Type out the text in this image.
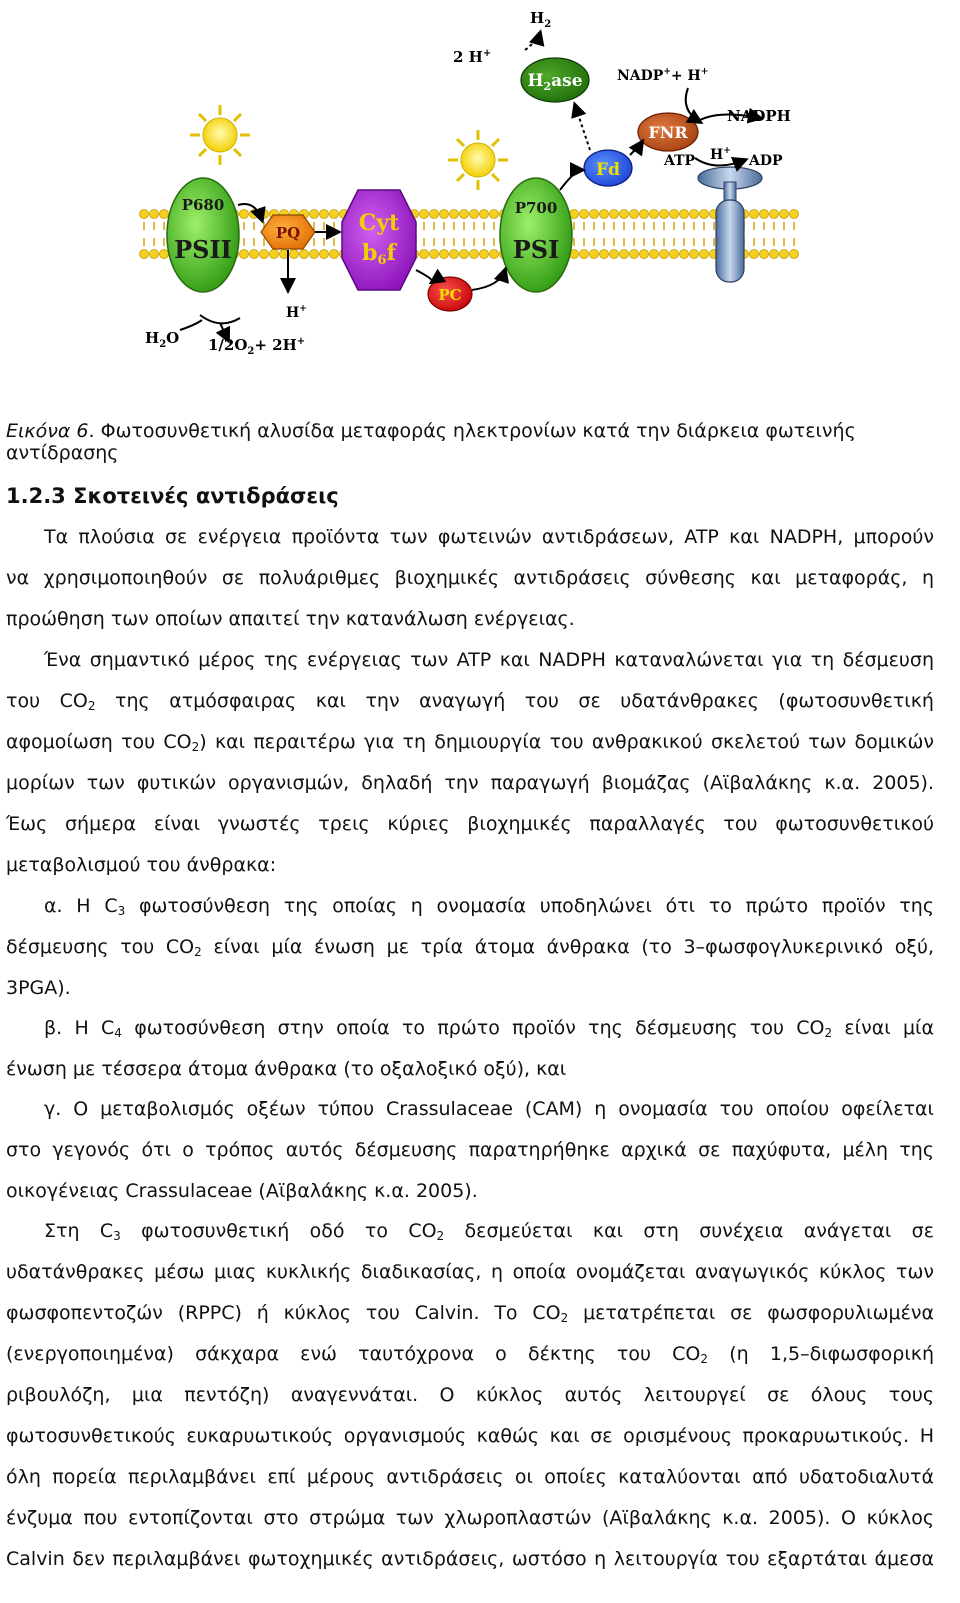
P680
PSII
PQ	Cyt
b6f
PC
P700
PSI
Fd
$H_2ase$
FNR
$H_2$
2 H+
NADP++ H+
NADPH
ATP H+
ADP
H+
$H_2O$ $1/2O_2+ 2H^+$
Εικόνα 6. Φωτοσυνθετική αλυσίδα μεταφοράς ηλεκτρονίων κατά την διάρκεια φωτεινής αντίδρασης
1.2.3 Σκοτεινές αντιδράσεις
Τα πλούσια σε ενέργεια προϊόντα των φωτεινών αντιδράσεων, ATP και NADPH, μπορούν
να χρησιμοποιηθούν σε πολυάριθμες βιοχημικές αντιδράσεις σύνθεσης και μεταφοράς, η
προώθηση των οποίων απαιτεί την κατανάλωση ενέργειας.
Ένα σημαντικό μέρος της ενέργειας των ATP και NADPH καταναλώνεται για τη δέσμευση
του $CO_2$ της ατμόσφαιρας και την αναγωγή του σε υδατάνθρακες (φωτοσυνθετική
αφομοίωση του $CO_2$) και περαιτέρω για τη δημιουργία του ανθρακικού σκελετού των δομικών
μορίων των φυτικών οργανισμών, δηλαδή την παραγωγή βιομάζας (Αϊβαλάκης κ.α. 2005).
Έως σήμερα είναι γνωστές τρεις κύριες βιοχημικές παραλλαγές του φωτοσυνθετικού
μεταβολισμού του άνθρακα:
α. Η $C_3$ φωτοσύνθεση της οποίας η ονομασία υποδηλώνει ότι το πρώτο προϊόν της
δέσμευσης του $CO_2$ είναι μία ένωση με τρία άτομα άνθρακα (το 3–φωσφογλυκερινικό οξύ,
3PGA).
β. Η $C_4$ φωτοσύνθεση στην οποία το πρώτο προϊόν της δέσμευσης του $CO_2$ είναι μία
ένωση με τέσσερα άτομα άνθρακα (το οξαλοξικό οξύ), και
γ. Ο μεταβολισμός οξέων τύπου Crassulaceae (CAM) η ονομασία του οποίου οφείλεται
στο γεγονός ότι ο τρόπος αυτός δέσμευσης παρατηρήθηκε αρχικά σε παχύφυτα, μέλη της
οικογένειας Crassulaceae (Αϊβαλάκης κ.α. 2005).
Στη $C_3$ φωτοσυνθετική οδό το $CO_2$ δεσμεύεται και στη συνέχεια ανάγεται σε
υδατάνθρακες μέσω μιας κυκλικής διαδικασίας, η οποία ονομάζεται αναγωγικός κύκλος των
φωσφοπεντοζών (RPPC) ή κύκλος του Calvin. Το $CO_2$ μετατρέπεται σε φωσφορυλιωμένα
(ενεργοποιημένα) σάκχαρα ενώ ταυτόχρονα ο δέκτης του $CO_2$ (η 1,5–διφωσφορική
ριβουλόζη, μια πεντόζη) αναγεννάται. Ο κύκλος αυτός λειτουργεί σε όλους τους
φωτοσυνθετικούς ευκαρυωτικούς οργανισμούς καθώς και σε ορισμένους προκαρυωτικούς. Η
όλη πορεία περιλαμβάνει επί μέρους αντιδράσεις οι οποίες καταλύονται από υδατοδιαλυτά
ένζυμα που εντοπίζονται στο στρώμα των χλωροπλαστών (Αϊβαλάκης κ.α. 2005). Ο κύκλος
Calvin δεν περιλαμβάνει φωτοχημικές αντιδράσεις, ωστόσο η λειτουργία του εξαρτάται άμεσα
